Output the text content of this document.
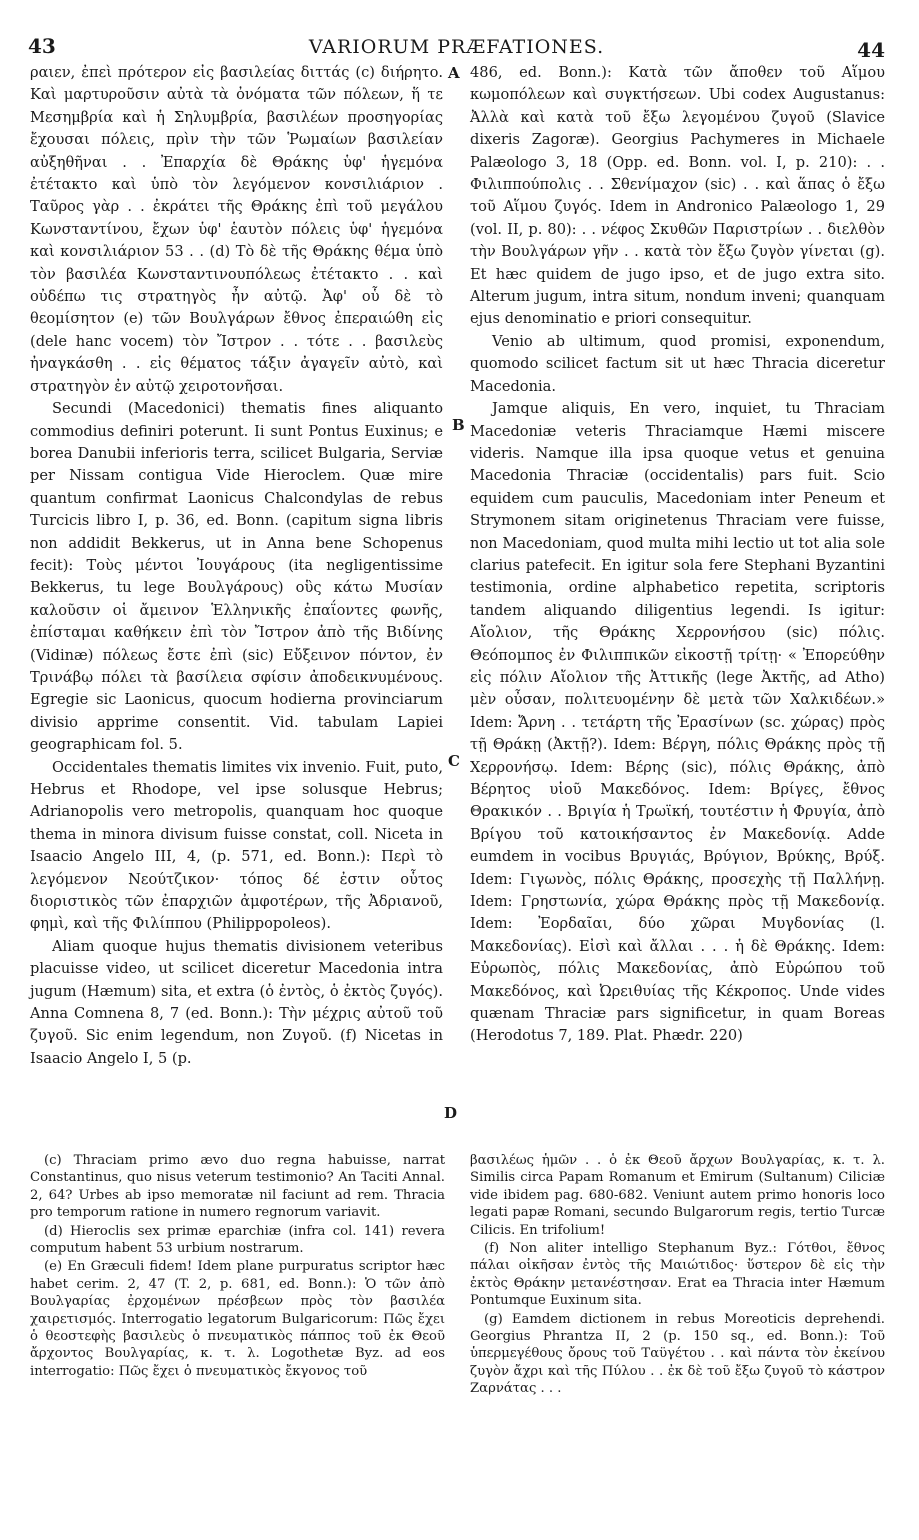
43	VARIORUM PRÆFATIONES.	44

ραιεν, ἐπεὶ πρότερον εἰς βασιλείας διττάς (c) διήρητο. Καὶ μαρτυροῦσιν αὐτὰ τὰ ὀνόματα τῶν πόλεων, ἥ τε Μεσημβρία καὶ ἡ Σηλυμβρία, βασιλέων προσηγορίας ἔχουσαι πόλεις, πρὶν τὴν τῶν Ῥωμαίων βασιλείαν αὐξηθῆναι . . Ἐπαρχία δὲ Θράκης ὑφ' ἡγεμόνα ἐτέτακτο καὶ ὑπὸ τὸν λεγόμενον κονσιλιάριον . Ταῦρος γὰρ . . ἐκράτει τῆς Θράκης ἐπὶ τοῦ μεγάλου Κωνσταντίνου, ἔχων ὑφ' ἑαυτὸν πόλεις ὑφ' ἡγεμόνα καὶ κονσιλιάριον 53 . . (d) Τὸ δὲ τῆς Θράκης θέμα ὑπὸ τὸν βασιλέα Κωνσταντινουπόλεως ἐτέτακτο . . καὶ οὐδέπω τις στρατηγὸς ἦν αὐτῷ. Ἀφ' οὗ δὲ τὸ θεομίσητον (e) τῶν Βουλγάρων ἔθνος ἐπεραιώθη εἰς (dele hanc vocem) τὸν Ἴστρον . . τότε . . βασιλεὺς ἠναγκάσθη . . εἰς θέματος τάξιν ἀγαγεῖν αὐτὸ, καὶ στρατηγὸν ἐν αὐτῷ χειροτονῆσαι.

Secundi (Macedonici) thematis fines aliquanto commodius definiri poterunt. Ii sunt Pontus Euxinus; e borea Danubii inferioris terra, scilicet Bulgaria, Serviæ per Nissam contigua Vide Hieroclem. Quæ mire quantum confirmat Laonicus Chalcondylas de rebus Turcicis libro I, p. 36, ed. Bonn. (capitum signa libris non addidit Bekkerus, ut in Anna bene Schopenus fecit): Τοὺς μέντοι Ἰουγάρους (ita negligentissime Bekkerus, tu lege Βουλγάρους) οὓς κάτω Μυσίαν καλοῦσιν οἱ ἄμεινον Ἑλληνικῆς ἐπαΐοντες φωνῆς, ἐπίσταμαι καθήκειν ἐπὶ τὸν Ἴστρον ἀπὸ τῆς Βιδίνης (Vidinæ) πόλεως ἔστε ἐπὶ (sic) Εὔξεινον πόντον, ἐν Τρινάβῳ πόλει τὰ βασίλεια σφίσιν ἀποδεικνυμένους. Egregie sic Laonicus, quocum hodierna provinciarum divisio apprime consentit. Vid. tabulam Lapiei geographicam fol. 5.

Occidentales thematis limites vix invenio. Fuit, puto, Hebrus et Rhodope, vel ipse solusque Hebrus; Adrianopolis vero metropolis, quanquam hoc quoque thema in minora divisum fuisse constat, coll. Niceta in Isaacio Angelo III, 4, (p. 571, ed. Bonn.): Περὶ τὸ λεγόμενον Νεούτζικον· τόπος δέ ἐστιν οὗτος διοριστικὸς τῶν ἐπαρχιῶν ἀμφοτέρων, τῆς Ἀδριανοῦ, φημὶ, καὶ τῆς Φιλίππου (Philippopoleos).

Aliam quoque hujus thematis divisionem veteribus placuisse video, ut scilicet diceretur Macedonia intra jugum (Hæmum) sita, et extra (ὁ ἐντὸς, ὁ ἐκτὸς ζυγός). Anna Comnena 8, 7 (ed. Bonn.): Τὴν μέχρις αὐτοῦ τοῦ ζυγοῦ. Sic enim legendum, non Ζυγοῦ. (f) Nicetas in Isaacio Angelo I, 5 (p.

A
B
C
D

486, ed. Bonn.): Κατὰ τῶν ἄποθεν τοῦ Αἵμου κωμοπόλεων καὶ συγκτήσεων. Ubi codex Augustanus: Ἀλλὰ καὶ κατὰ τοῦ ἔξω λεγομένου ζυγοῦ (Slavice dixeris Zagoræ). Georgius Pachymeres in Michaele Palæologo 3, 18 (Opp. ed. Bonn. vol. I, p. 210): . . Φιλιππούπολις . . Σθενίμαχον (sic) . . καὶ ἅπας ὁ ἔξω τοῦ Αἵμου ζυγός. Idem in Andronico Palæologo 1, 29 (vol. II, p. 80): . . νέφος Σκυθῶν Παριστρίων . . διελθὸν τὴν Βουλγάρων γῆν . . κατὰ τὸν ἔξω ζυγὸν γίνεται (g). Et hæc quidem de jugo ipso, et de jugo extra sito. Alterum jugum, intra situm, nondum inveni; quanquam ejus denominatio e priori consequitur.

Venio ab ultimum, quod promisi, exponendum, quomodo scilicet factum sit ut hæc Thracia diceretur Macedonia.

Jamque aliquis, En vero, inquiet, tu Thraciam Macedoniæ veteris Thraciamque Hæmi miscere videris. Namque illa ipsa quoque vetus et genuina Macedonia Thraciæ (occidentalis) pars fuit. Scio equidem cum pauculis, Macedoniam inter Peneum et Strymonem sitam originetenus Thraciam vere fuisse, non Macedoniam, quod multa mihi lectio ut tot alia sole clarius patefecit. En igitur sola fere Stephani Byzantini testimonia, ordine alphabetico repetita, scriptoris tandem aliquando diligentius legendi. Is igitur: Αἴολιον, τῆς Θράκης Χερρονήσου (sic) πόλις. Θεόπομπος ἐν Φιλιππικῶν εἰκοστῇ τρίτῃ· « Ἐπορεύθην εἰς πόλιν Αἴολιον τῆς Ἀττικῆς (lege Ἀκτῆς, ad Atho) μὲν οὖσαν, πολιτευομένην δὲ μετὰ τῶν Χαλκιδέων.» Idem: Ἄρνη . . τετάρτη τῆς Ἐρασίνων (sc. χώρας) πρὸς τῇ Θράκῃ (Ἀκτῇ?). Idem: Βέργη, πόλις Θράκης πρὸς τῇ Χερρονήσῳ. Idem: Βέρης (sic), πόλις Θράκης, ἀπὸ Βέρητος υἱοῦ Μακεδόνος. Idem: Βρίγες, ἔθνος Θρακικόν . . Βριγία ἡ Τρωϊκή, τουτέστιν ἡ Φρυγία, ἀπὸ Βρίγου τοῦ κατοικήσαντος ἐν Μακεδονίᾳ. Adde eumdem in vocibus Βρυγιάς, Βρύγιον, Βρύκης, Βρύξ. Idem: Γιγωνὸς, πόλις Θράκης, προσεχὴς τῇ Παλλήνῃ. Idem: Γρηστωνία, χώρα Θράκης πρὸς τῇ Μακεδονίᾳ. Idem: Ἐορδαῖαι, δύο χῶραι Μυγδονίας (l. Μακεδονίας). Εἰσὶ καὶ ἄλλαι . . . ἡ δὲ Θράκης. Idem: Εὐρωπὸς, πόλις Μακεδονίας, ἀπὸ Εὐρώπου τοῦ Μακεδόνος, καὶ Ὠρειθυίας τῆς Κέκροπος. Unde vides quænam Thraciæ pars significetur, in quam Boreas (Herodotus 7, 189. Plat. Phædr. 220)

(c) Thraciam primo ævo duo regna habuisse, narrat Constantinus, quo nisus veterum testimonio? An Taciti Annal. 2, 64? Urbes ab ipso memoratæ nil faciunt ad rem. Thracia pro temporum ratione in numero regnorum variavit.

(d) Hieroclis sex primæ eparchiæ (infra col. 141) revera computum habent 53 urbium nostrarum.

(e) En Græculi fidem! Idem plane purpuratus scriptor hæc habet cerim. 2, 47 (T. 2, p. 681, ed. Bonn.): Ὁ τῶν ἀπὸ Βουλγαρίας ἐρχομένων πρέσβεων πρὸς τὸν βασιλέα χαιρετισμός. Interrogatio legatorum Bulgaricorum: Πῶς ἔχει ὁ θεοστεφὴς βασιλεὺς ὁ πνευματικὸς πάππος τοῦ ἐκ Θεοῦ ἄρχοντος Βουλγαρίας, κ. τ. λ. Logothetæ Byz. ad eos interrogatio: Πῶς ἔχει ὁ πνευματικὸς ἔκγονος τοῦ

βασιλέως ἡμῶν . . ὁ ἐκ Θεοῦ ἄρχων Βουλγαρίας, κ. τ. λ. Similis circa Papam Romanum et Emirum (Sultanum) Ciliciæ vide ibidem pag. 680-682. Veniunt autem primo honoris loco legati papæ Romani, secundo Bulgarorum regis, tertio Turcæ Cilicis. En trifolium!

(f) Non aliter intelligo Stephanum Byz.: Γότθοι, ἔθνος πάλαι οἰκῆσαν ἐντὸς τῆς Μαιώτιδος· ὕστερον δὲ εἰς τὴν ἐκτὸς Θράκην μετανέστησαν. Erat ea Thracia inter Hæmum Pontumque Euxinum sita.

(g) Eamdem dictionem in rebus Moreoticis deprehendi. Georgius Phrantza II, 2 (p. 150 sq., ed. Bonn.): Τοῦ ὑπερμεγέθους ὄρους τοῦ Ταϋγέτου . . καὶ πάντα τὸν ἐκείνου ζυγὸν ἄχρι καὶ τῆς Πύλου . . ἐκ δὲ τοῦ ἔξω ζυγοῦ τὸ κάστρον Ζαρνάτας . . .
